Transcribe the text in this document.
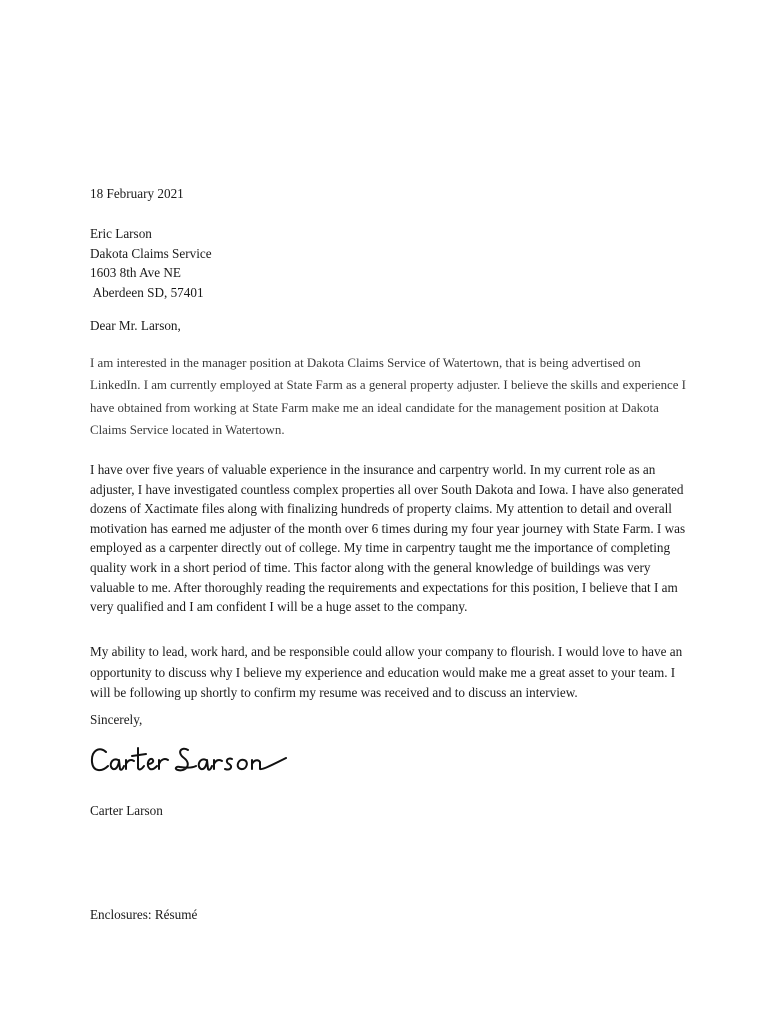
18 February 2021
Eric Larson
Dakota Claims Service
1603 8th Ave NE
Aberdeen SD, 57401
Dear Mr. Larson,
I am interested in the manager position at Dakota Claims Service of Watertown, that is being advertised on LinkedIn. I am currently employed at State Farm as a general property adjuster. I believe the skills and experience I have obtained from working at State Farm make me an ideal candidate for the management position at Dakota Claims Service located in Watertown.
I have over five years of valuable experience in the insurance and carpentry world. In my current role as an adjuster, I have investigated countless complex properties all over South Dakota and Iowa. I have also generated dozens of Xactimate files along with finalizing hundreds of property claims. My attention to detail and overall motivation has earned me adjuster of the month over 6 times during my four year journey with State Farm. I was employed as a carpenter directly out of college. My time in carpentry taught me the importance of completing quality work in a short period of time. This factor along with the general knowledge of buildings was very valuable to me. After thoroughly reading the requirements and expectations for this position, I believe that I am very qualified and I am confident I will be a huge asset to the company.
My ability to lead, work hard, and be responsible could allow your company to flourish. I would love to have an opportunity to discuss why I believe my experience and education would make me a great asset to your team. I will be following up shortly to confirm my resume was received and to discuss an interview.
Sincerely,
Carter Larson
Enclosures: Résumé
